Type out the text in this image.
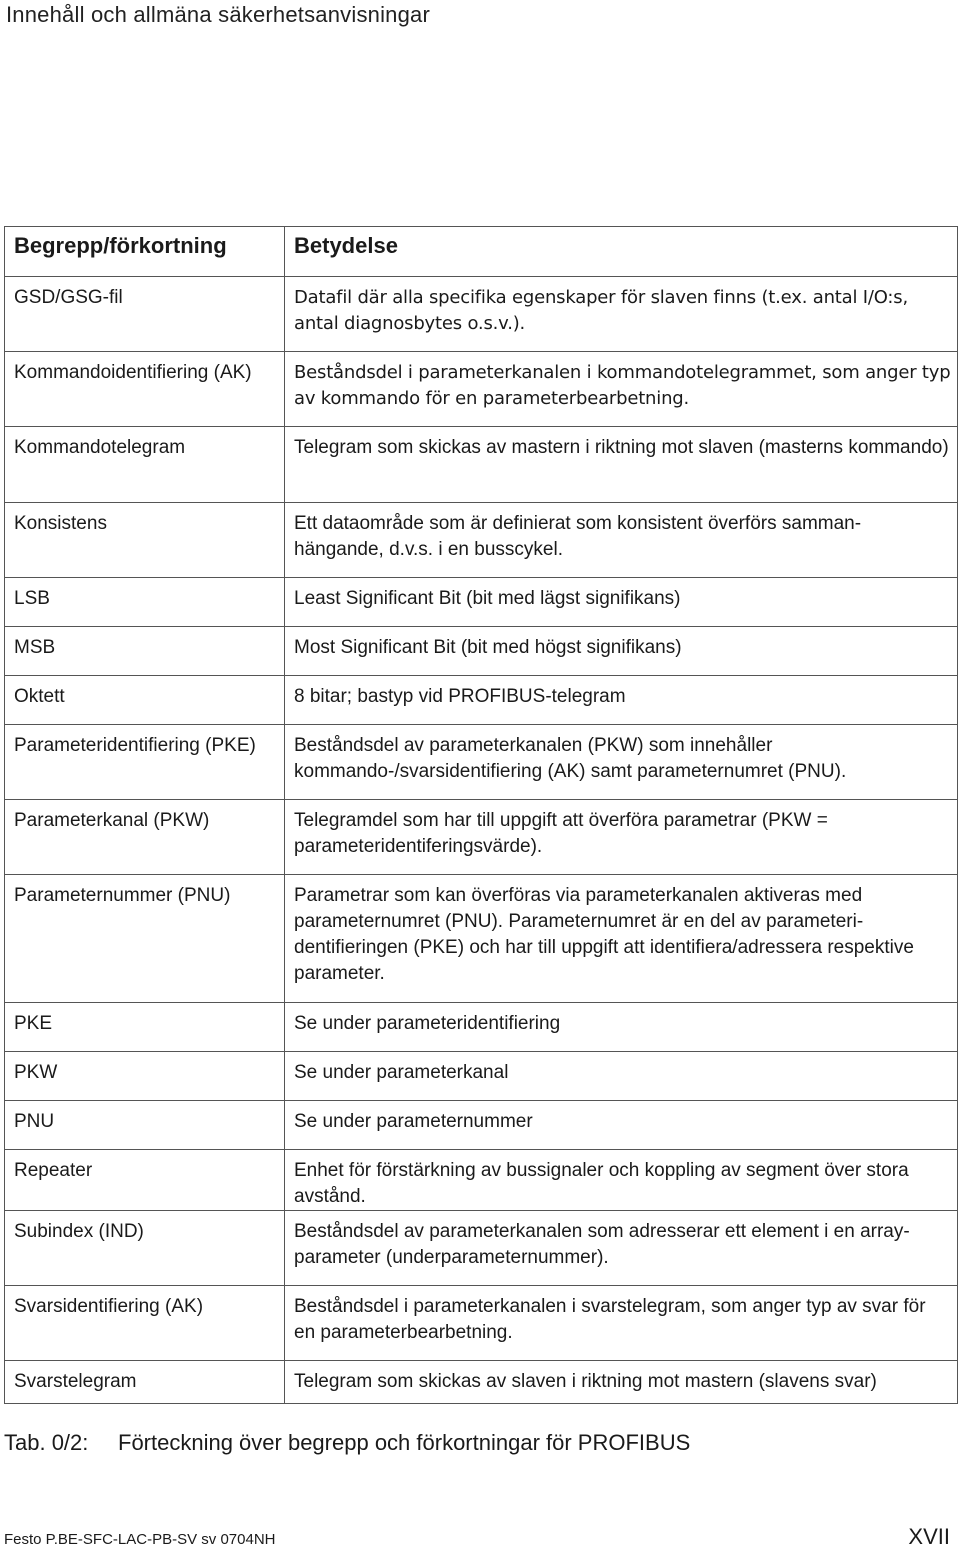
Innehåll och allmäna säkerhetsanvisningar
Begrepp/förkortning	Betydelse
GSD/GSG-fil	Datafil där alla specifika egenskaper för slaven finns (t.ex. antal I/O:s, antal diagnosbytes o.s.v.).
Kommandoidentifiering (AK)	Beståndsdel i parameterkanalen i kommandotelegrammet, som anger typ av kommando för en parameterbearbetning.
Kommandotelegram	Telegram som skickas av mastern i riktning mot slaven (masterns kommando)
Konsistens	Ett dataområde som är definierat som konsistent överförs samman-
hängande, d.v.s. i en busscykel.
LSB	Least Significant Bit (bit med lägst signifikans)
MSB	Most Significant Bit (bit med högst signifikans)
Oktett	8 bitar; bastyp vid PROFIBUS-telegram
Parameteridentifiering (PKE)	Beståndsdel av parameterkanalen (PKW) som innehåller kommando-/svarsidentifiering (AK) samt parameternumret (PNU).
Parameterkanal (PKW)	Telegramdel som har till uppgift att överföra parametrar (PKW = parameteridentiferingsvärde).
Parameternummer (PNU)	Parametrar som kan överföras via parameterkanalen aktiveras med parameternumret (PNU). Parameternumret är en del av parameteri-
dentifieringen (PKE) och har till uppgift att identifiera/adressera respektive parameter.
PKE	Se under parameteridentifiering
PKW	Se under parameterkanal
PNU	Se under parameternummer
Repeater	Enhet för förstärkning av bussignaler och koppling av segment över stora avstånd.
Subindex (IND)	Beståndsdel av parameterkanalen som adresserar ett element i en array-parameter (underparameternummer).
Svarsidentifiering (AK)	Beståndsdel i parameterkanalen i svarstelegram, som anger typ av svar för en parameterbearbetning.
Svarstelegram	Telegram som skickas av slaven i riktning mot mastern (slavens svar)
Tab. 0/2: Förteckning över begrepp och förkortningar för PROFIBUS
Festo P.BE-SFC-LAC-PB-SV sv 0704NH	XVII
